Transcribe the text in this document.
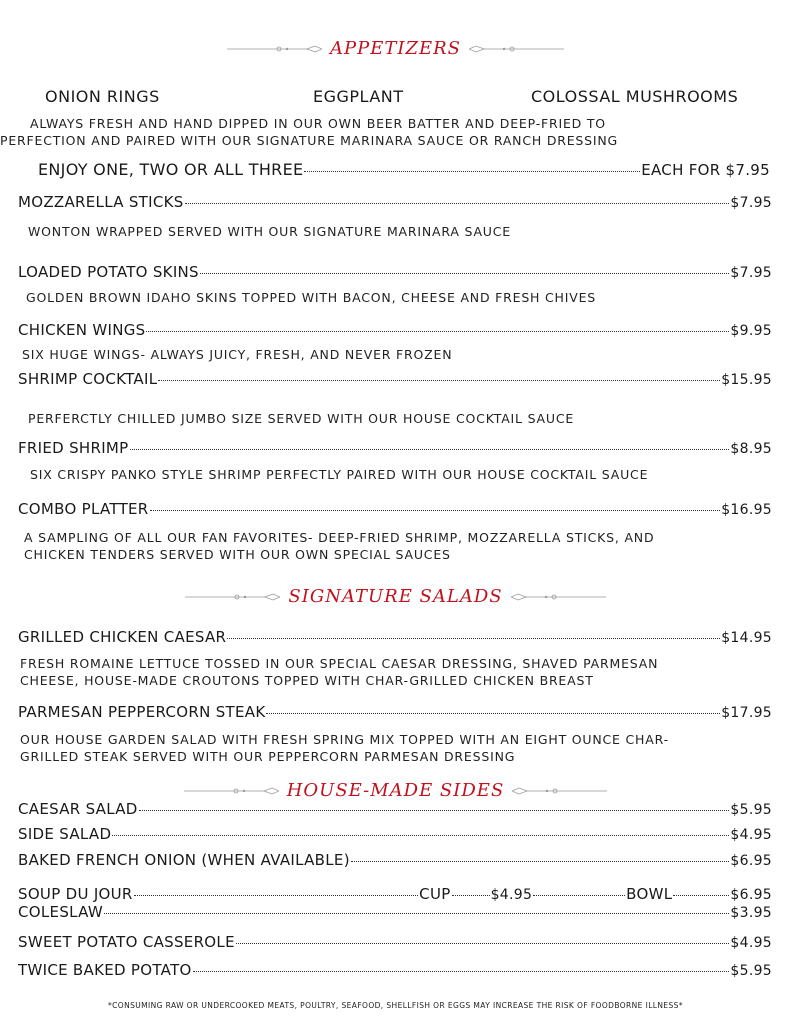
APPETIZERS
ONION RINGS	EGGPLANT	COLOSSAL MUSHROOMS
ALWAYS FRESH AND HAND DIPPED IN OUR OWN BEER BATTER AND DEEP-FRIED TO
PERFECTION AND PAIRED WITH OUR SIGNATURE MARINARA SAUCE OR RANCH DRESSING
ENJOY ONE, TWO OR ALL THREE	EACH FOR $7.95
MOZZARELLA STICKS	$7.95
WONTON WRAPPED SERVED WITH OUR SIGNATURE MARINARA SAUCE
LOADED POTATO SKINS	$7.95
GOLDEN BROWN IDAHO SKINS TOPPED WITH BACON, CHEESE AND FRESH CHIVES
CHICKEN WINGS	$9.95
SIX HUGE WINGS- ALWAYS JUICY, FRESH, AND NEVER FROZEN
SHRIMP COCKTAIL	$15.95
PERFERCTLY CHILLED JUMBO SIZE SERVED WITH OUR HOUSE COCKTAIL SAUCE
FRIED SHRIMP	$8.95
SIX CRISPY PANKO STYLE SHRIMP PERFECTLY PAIRED WITH OUR HOUSE COCKTAIL SAUCE
COMBO PLATTER	$16.95
A SAMPLING OF ALL OUR FAN FAVORITES- DEEP-FRIED SHRIMP, MOZZARELLA STICKS, AND
CHICKEN TENDERS SERVED WITH OUR OWN SPECIAL SAUCES
SIGNATURE SALADS
GRILLED CHICKEN CAESAR	$14.95
FRESH ROMAINE LETTUCE TOSSED IN OUR SPECIAL CAESAR DRESSING, SHAVED PARMESAN
CHEESE, HOUSE-MADE CROUTONS TOPPED WITH CHAR-GRILLED CHICKEN BREAST
PARMESAN PEPPERCORN STEAK	$17.95
OUR HOUSE GARDEN SALAD WITH FRESH SPRING MIX TOPPED WITH AN EIGHT OUNCE CHAR-
GRILLED STEAK SERVED WITH OUR PEPPERCORN PARMESAN DRESSING
HOUSE-MADE SIDES
CAESAR SALAD	$5.95
SIDE SALAD	$4.95
BAKED FRENCH ONION (WHEN AVAILABLE)	$6.95
SOUP DU JOUR	CUP	$4.95	BOWL	$6.95
COLESLAW	$3.95
SWEET POTATO CASSEROLE	$4.95
TWICE BAKED POTATO	$5.95
*CONSUMING RAW OR UNDERCOOKED MEATS, POULTRY, SEAFOOD, SHELLFISH OR EGGS MAY INCREASE THE RISK OF FOODBORNE ILLNESS*
